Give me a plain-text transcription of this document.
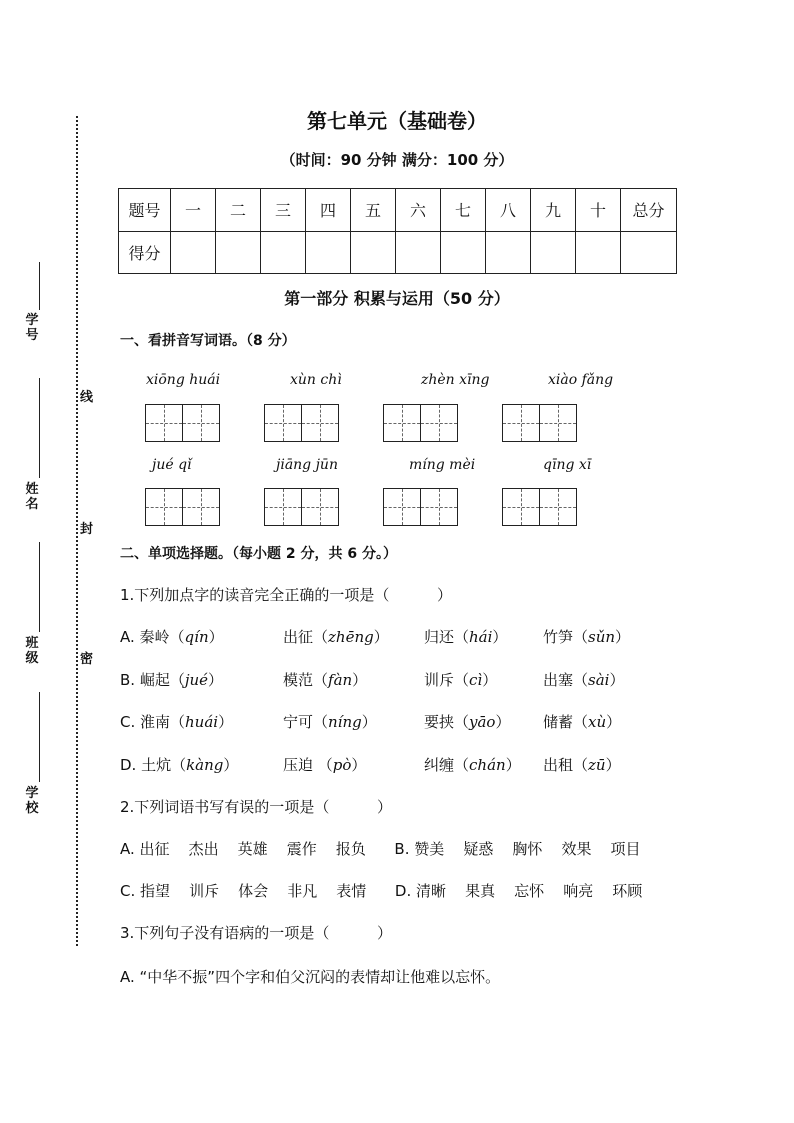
学号
姓名
班级
学校
线
封
密
第七单元（基础卷）
（时间：90 分钟 满分：100 分）
题号	一	二	三	四	五	六	七	八	九	十	总分
得分											
第一部分 积累与运用（50 分）
一、看拼音写词语。（8 分）
xiōng huái	xùn chì	zhèn xīng	xiào fǎng
jué qǐ	jiāng jūn	míng mèi	qīng xī
二、单项选择题。（每小题 2 分，共 6 分。）
1.下列加点字的读音完全正确的一项是（          ）
A. 秦岭（qín）	出征（zhēng） 归还（hái） 竹笋（sǔn）
B. 崛起（jué）	模范（fàn）	训斥（cì）	出塞（sài）
C. 淮南（huái）	宁可（níng）	要挟（yāo） 储蓄（xù）
D. 土炕（kàng）	压迫 （pò）	纠缠（chán） 出租（zū）
2.下列词语书写有误的一项是（          ）
A. 出征    杰出    英雄    震作    报负      B. 赞美    疑惑    胸怀    效果    项目
C. 指望    训斥    体会    非凡    表情      D. 清晰    果真    忘怀    响亮    环顾
3.下列句子没有语病的一项是（          ）
A. “中华不振”四个字和伯父沉闷的表情却让他难以忘怀。
